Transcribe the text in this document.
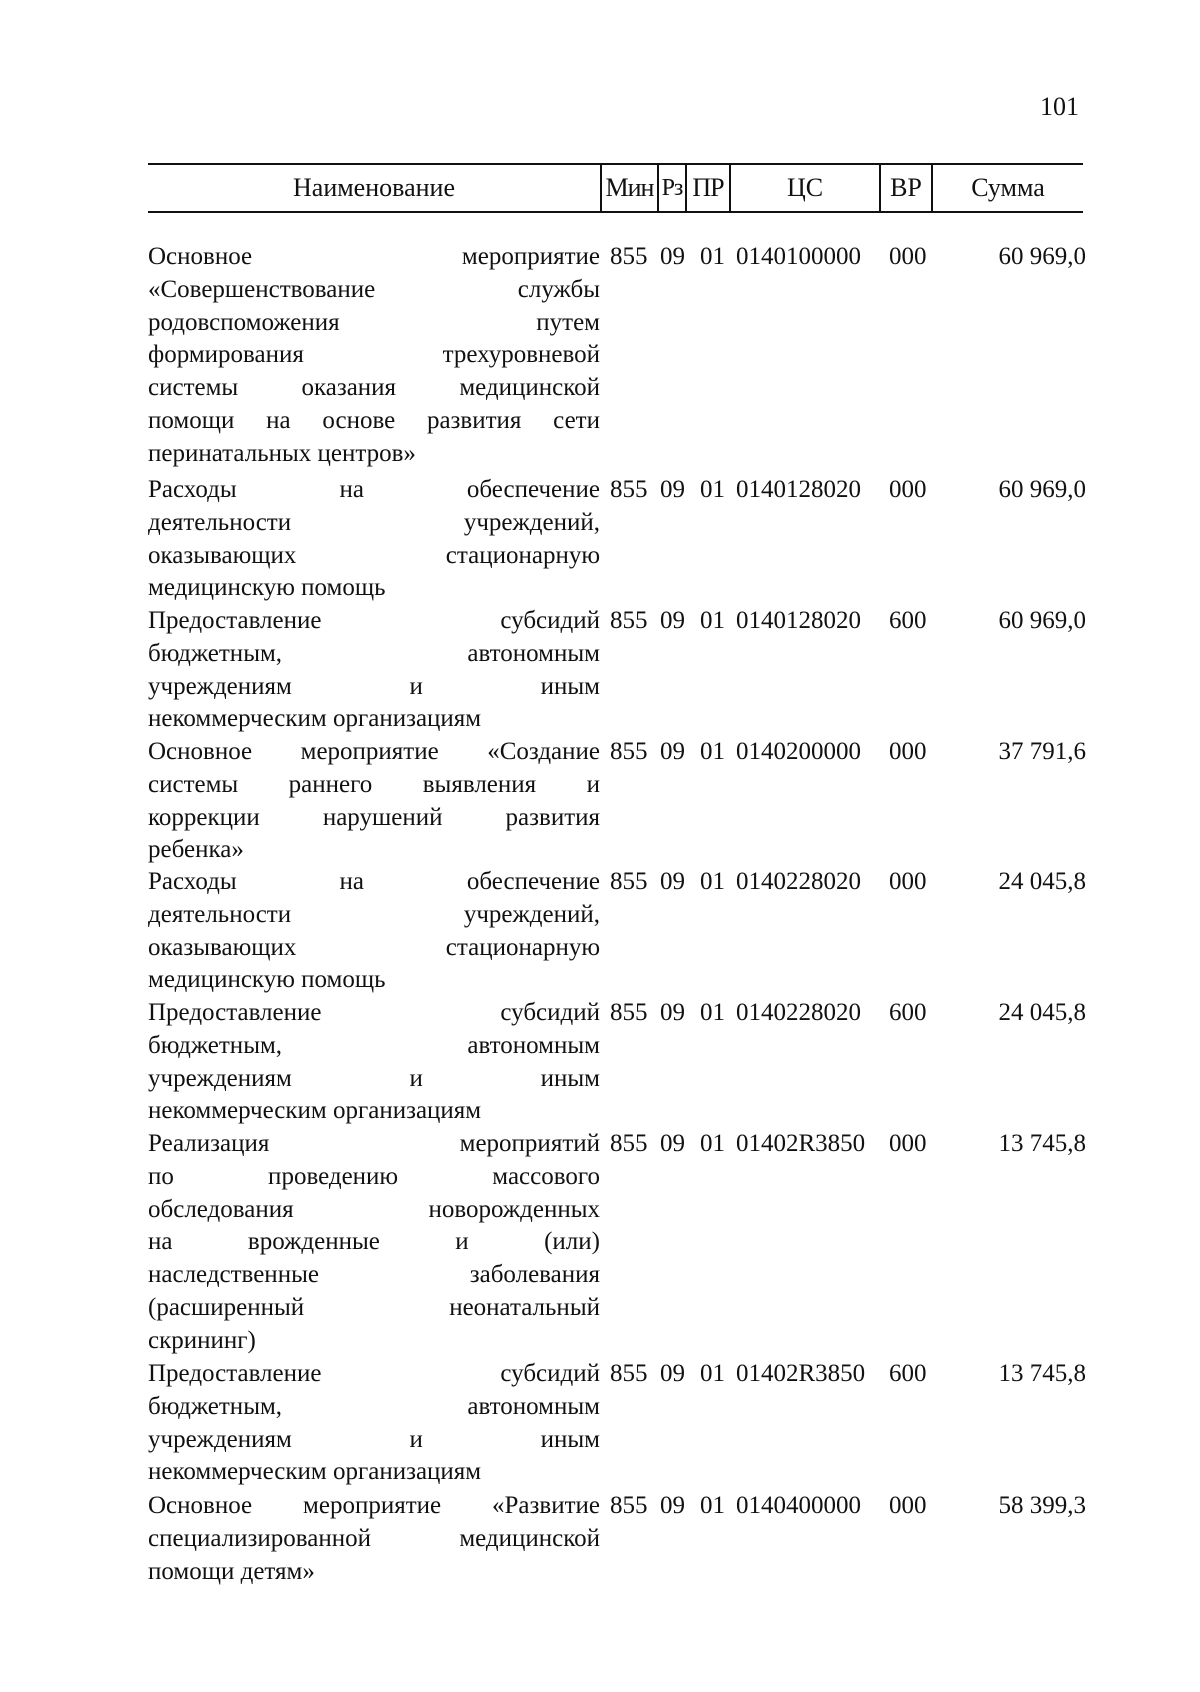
101
Наименование	Мин Рз ПР	ЦС	ВР	Сумма
Основное мероприятие
«Совершенствование службы
родовспоможения путем
формирования трехуровневой
системы оказания медицинской
помощи на основе развития сети
перинатальных центров»
855 09 01 0140100000 000	60 969,0
Расходы на обеспечение
деятельности учреждений,
оказывающих стационарную
медицинскую помощь
855 09 01 0140128020 000	60 969,0
Предоставление субсидий
бюджетным, автономным
учреждениям и иным
некоммерческим организациям
855 09 01 0140128020 600	60 969,0
Основное мероприятие «Создание
системы раннего выявления и
коррекции нарушений развития
ребенка»
855 09 01 0140200000 000	37 791,6
Расходы на обеспечение
деятельности учреждений,
оказывающих стационарную
медицинскую помощь
855 09 01 0140228020 000	24 045,8
Предоставление субсидий
бюджетным, автономным
учреждениям и иным
некоммерческим организациям
855 09 01 0140228020 600	24 045,8
Реализация мероприятий
по проведению массового
обследования новорожденных
на врожденные и (или)
наследственные заболевания
(расширенный неонатальный
скрининг)
855 09 01 01402R3850 000	13 745,8
Предоставление субсидий
бюджетным, автономным
учреждениям и иным
некоммерческим организациям
855 09 01 01402R3850 600	13 745,8
Основное мероприятие «Развитие
специализированной медицинской
помощи детям»
855 09 01 0140400000 000	58 399,3
